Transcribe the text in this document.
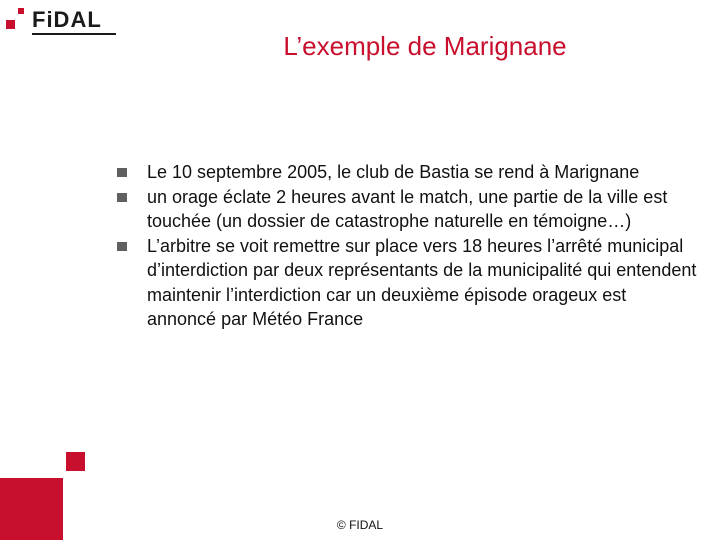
FiDAL
L’exemple de Marignane
Le 10 septembre 2005, le club de Bastia se rend à Marignane
un orage éclate 2 heures avant le match, une partie de la ville est touchée (un dossier de catastrophe naturelle en témoigne…)
L’arbitre se voit remettre sur place vers 18 heures l’arrêté municipal d’interdiction par deux représentants de la municipalité qui entendent maintenir l’interdiction car un deuxième épisode orageux est annoncé par Météo France
© FIDAL
